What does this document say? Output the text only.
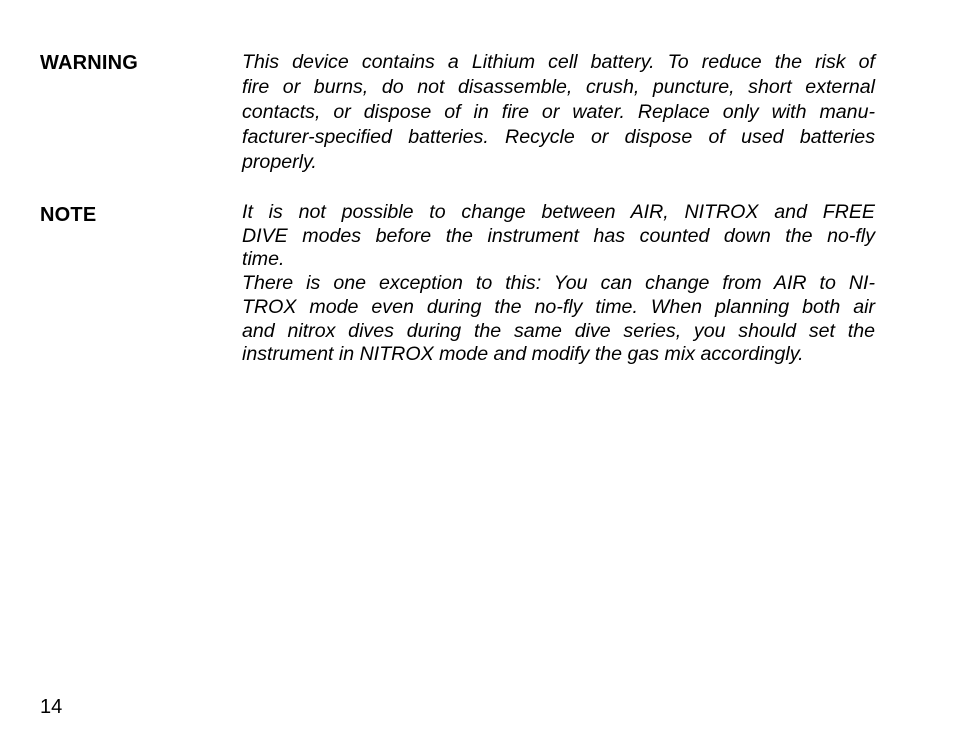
WARNING	This device contains a Lithium cell battery. To reduce the risk of
fire or burns, do not disassemble, crush, puncture, short external
contacts, or dispose of in fire or water. Replace only with manu-
facturer-specified batteries. Recycle or dispose of used batteries
properly.
NOTE	It is not possible to change between AIR, NITROX and FREE
DIVE modes before the instrument has counted down the no-fly
time.
There is one exception to this: You can change from AIR to NI-
TROX mode even during the no-fly time. When planning both air
and nitrox dives during the same dive series, you should set the
instrument in NITROX mode and modify the gas mix accordingly.
14
